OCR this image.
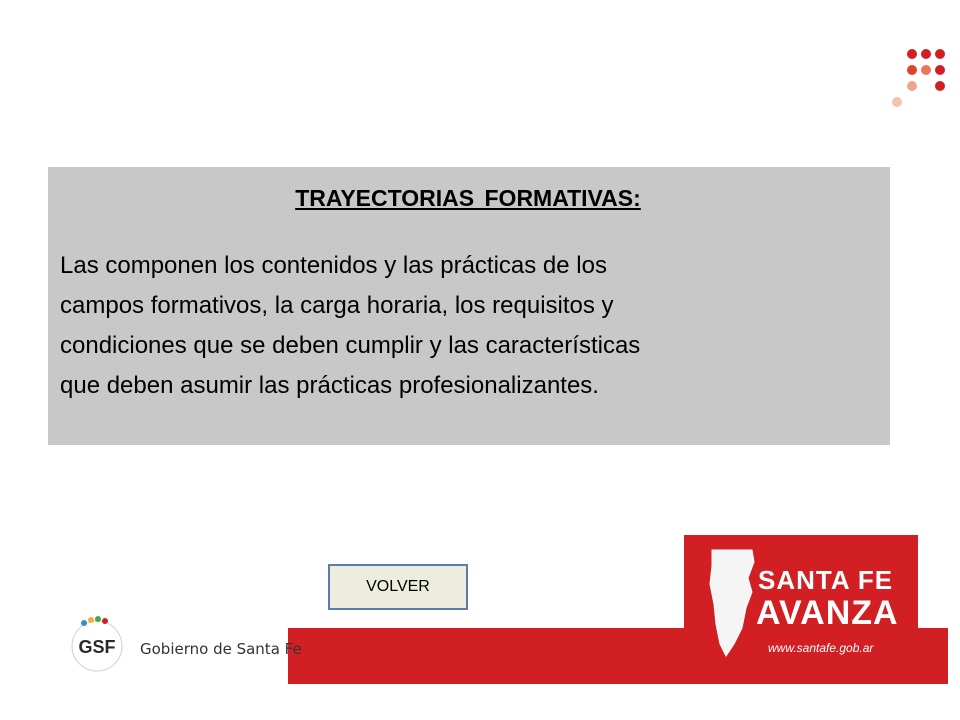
TRAYECTORIAS FORMATIVAS:

Las componen los contenidos y las prácticas de los
campos formativos, la carga horaria, los requisitos y
condiciones que se deben cumplir y las características
que deben asumir las prácticas profesionalizantes.
VOLVER
GSF Gobierno de Santa Fe
SANTA FE
AVANZA
www.santafe.gob.ar
